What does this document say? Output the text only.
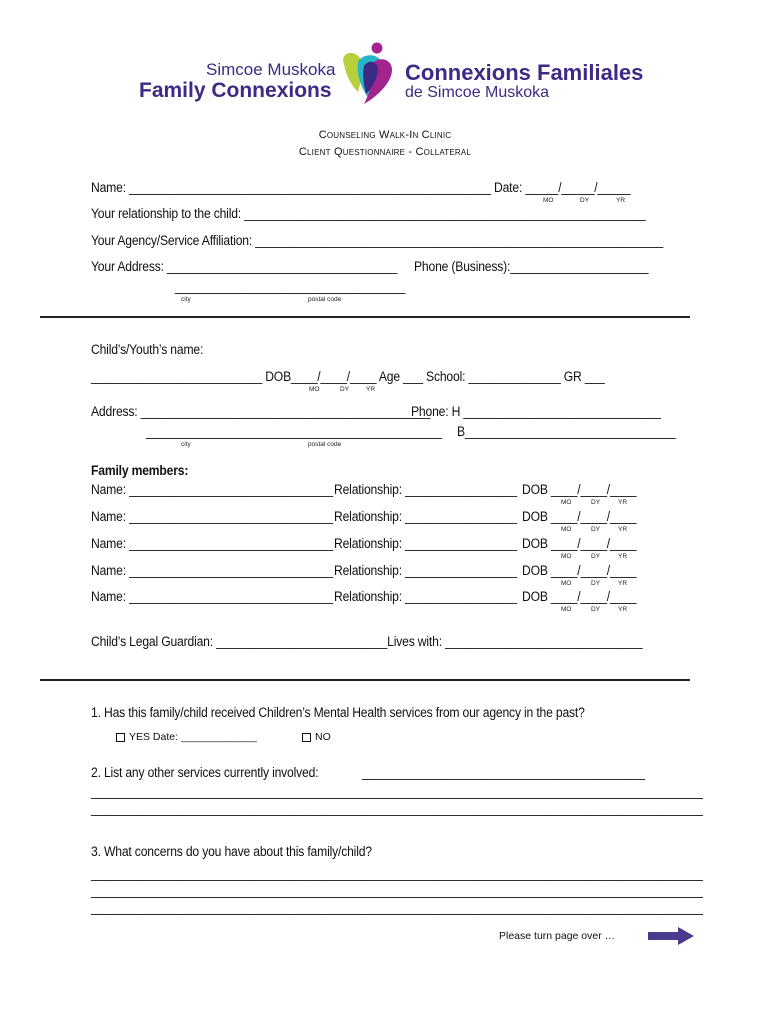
Simcoe Muskoka
Family Connexions
Connexions Familiales
de Simcoe Muskoka
Counseling Walk-In Clinic
Client Questionnaire - Collateral
Name: _______________________________________________________ Date: _____/_____/_____
MO	DY	YR
Your relationship to the child: _____________________________________________________________
Your Agency/Service Affiliation: ______________________________________________________________
Your Address: ___________________________________ Phone (Business):_____________________
___________________________________
city	postal code
Child’s/Youth’s name:
__________________________ DOB____/____/____ Age ___ School: ______________ GR ___
MO	DY	YR
Address: ____________________________________________
Phone: H ______________________________
_____________________________________________ B________________________________
city	postal code
Family members:
Name: _______________________________ Relationship: _________________ DOB ____/____/____
MO	DY	YR
Name: _______________________________ Relationship: _________________ DOB ____/____/____
MO	DY	YR
Name: _______________________________ Relationship: _________________ DOB ____/____/____
MO	DY	YR
Name: _______________________________ Relationship: _________________ DOB ____/____/____
MO	DY	YR
Name: _______________________________ Relationship: _________________ DOB ____/____/____
MO	DY	YR
Child’s Legal Guardian: __________________________Lives with: ______________________________
1. Has this family/child received Children’s Mental Health services from our agency in the past?
YES Date: _____________	NO
2. List any other services currently involved:	___________________________________________
_____________________________________________________________________________________________
_____________________________________________________________________________________________
3. What concerns do you have about this family/child?
_____________________________________________________________________________________________
_____________________________________________________________________________________________
_____________________________________________________________________________________________
Please turn page over …
